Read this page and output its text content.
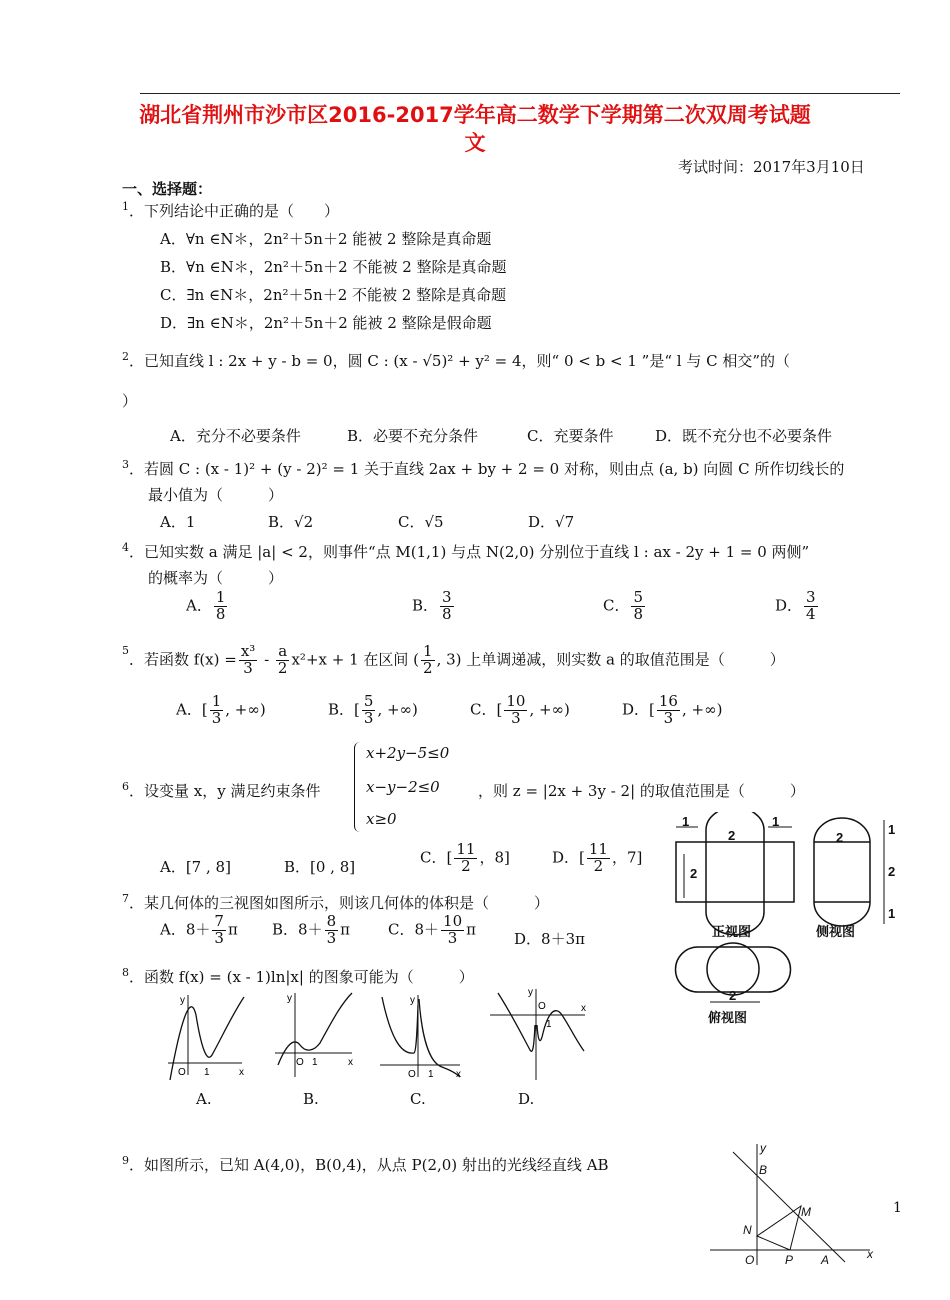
湖北省荆州市沙市区2016-2017学年高二数学下学期第二次双周考试题
文
考试时间：2017年3月10日
一、选择题：
$^1$．下列结论中正确的是（　　）
A．∀n ∈N＊，2n²＋5n＋2 能被 2 整除是真命题
B．∀n ∈N＊，2n²＋5n＋2 不能被 2 整除是真命题
C．∃n ∈N＊，2n²＋5n＋2 不能被 2 整除是真命题
D．∃n ∈N＊，2n²＋5n＋2 能被 2 整除是假命题
$^2$．已知直线 l : 2x + y - b = 0，圆 C : (x - √5)² + y² = 4，则“ 0 < b < 1 ”是“ l 与 C 相交”的（
）
A．充分不必要条件	B．必要不充分条件	C．充要条件	D．既不充分也不必要条件
$^3$．若圆 C : (x - 1)² + (y - 2)² = 1 关于直线 2ax + by + 2 = 0 对称，则由点 (a, b) 向圆 C 所作切线长的
最小值为（　　　）
A．1	B．√2	C．√5	D．√7
$^4$．已知实数 a 满足 |a| < 2，则事件“点 M(1,1) 与点 N(2,0) 分别位于直线 l : ax - 2y + 1 = 0 两侧”
的概率为（　　　）
A． $\frac{1}{8}$	B． $\frac{3}{8}$	C． $\frac{5}{8}$	D． $\frac{3}{4}$
$^5$．若函数 $f(x) = \frac{\text{x³}}{3} - \frac{a}{2} x^2+x + 1$ 在区间 ( $\frac{1}{2}$ , 3) 上单调递减，则实数 a 的取值范围是（　　　）
A．[ $\frac{1}{3}$ , +∞)	B．[ $\frac{5}{3}$ , +∞)	C．[ $\frac{10}{3}$ , +∞)	D．[ $\frac{16}{3}$ , +∞)
$^6$．设变量 x，y 满足约束条件
x+2y−5≤0
x−y−2≤0
x≥0
，则 z = |2x + 3y - 2| 的取值范围是（　　　）
A．[7 , 8]	B．[0 , 8]
C．[ $\frac{11}{2}$ ，8]	D．[ $\frac{11}{2}$ ，7]
$^7$．某几何体的三视图如图所示，则该几何体的体积是（　　　）
A．$8+ \frac{7}{3}$ π B．$8+ \frac{8}{3}$ π	C．$8+ \frac{10}{3}$ π
D．8＋3π
$^8$．函数 f(x) = (x - 1)ln|x| 的图象可能为（　　　）
y
x
O 1
y
x
O 1
y
x
O 1
y
x
O
1
A.	B.	C.	D.
$^9$．如图所示，已知 A(4,0)，B(0,4)，从点 P(2,0) 射出的光线经直线 AB
1
2
1
2
2
1
2
1
2
正视图	侧视图
俯视图
y
x
B
M
N
O	P A
1
